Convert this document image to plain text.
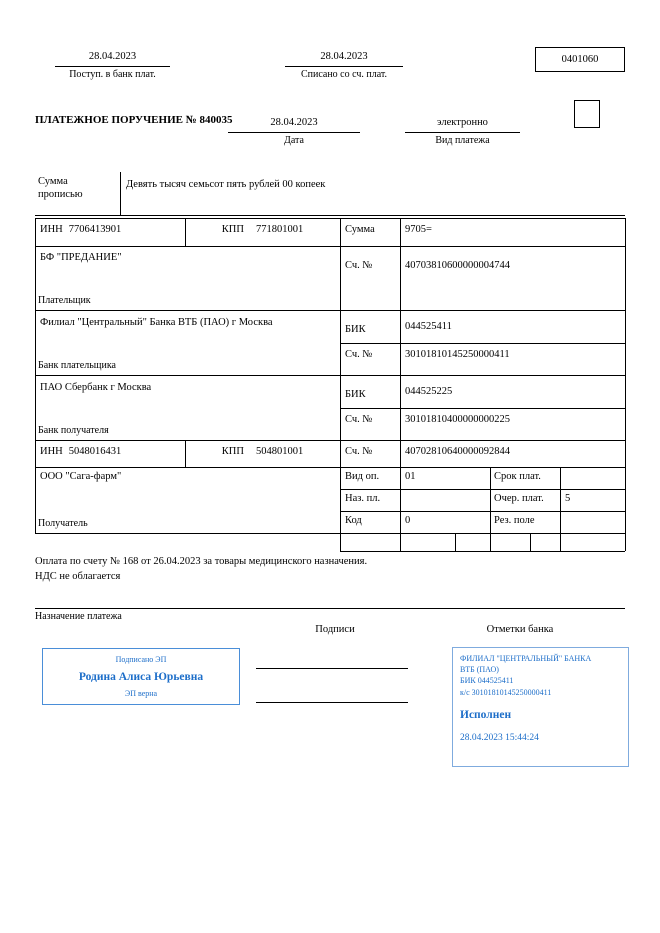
28.04.2023
Поступ. в банк плат.
28.04.2023
Списано со сч. плат.
0401060
ПЛАТЕЖНОЕ ПОРУЧЕНИЕ № 840035	28.04.2023
Дата
электронно
Вид платежа
Сумма прописью
Девять тысяч семьсот пять рублей 00 копеек
ИНН 7706413901	КПП 771801001	Сумма	9705=
БФ "ПРЕДАНИЕ"
Плательщик
Сч. №	40703810600000004744
Филиал "Центральный" Банка ВТБ (ПАО) г Москва
БИК	044525411
Сч. №	30101810145250000411
Банк плательщика
ПАО Сбербанк г Москва
БИК	044525225
Сч. №	30101810400000000225
Банк получателя
ИНН 5048016431	КПП 504801001	Сч. №	40702810640000092844
ООО "Сага-фарм"	Вид оп. 01	Срок плат.
Наз. пл.	Очер. плат. 5
Код	0	Рез. поле
Получатель
Оплата по счету № 168 от 26.04.2023 за товары медицинского назначения.
НДС не облагается
Назначение платежа
Подписи	Отметки банка
Подписано ЭП
Родина Алиса Юрьевна
ЭП верна
ФИЛИАЛ "ЦЕНТРАЛЬНЫЙ" БАНКА
ВТБ (ПАО)
БИК 044525411
к/с 30101810145250000411
Исполнен
28.04.2023 15:44:24
